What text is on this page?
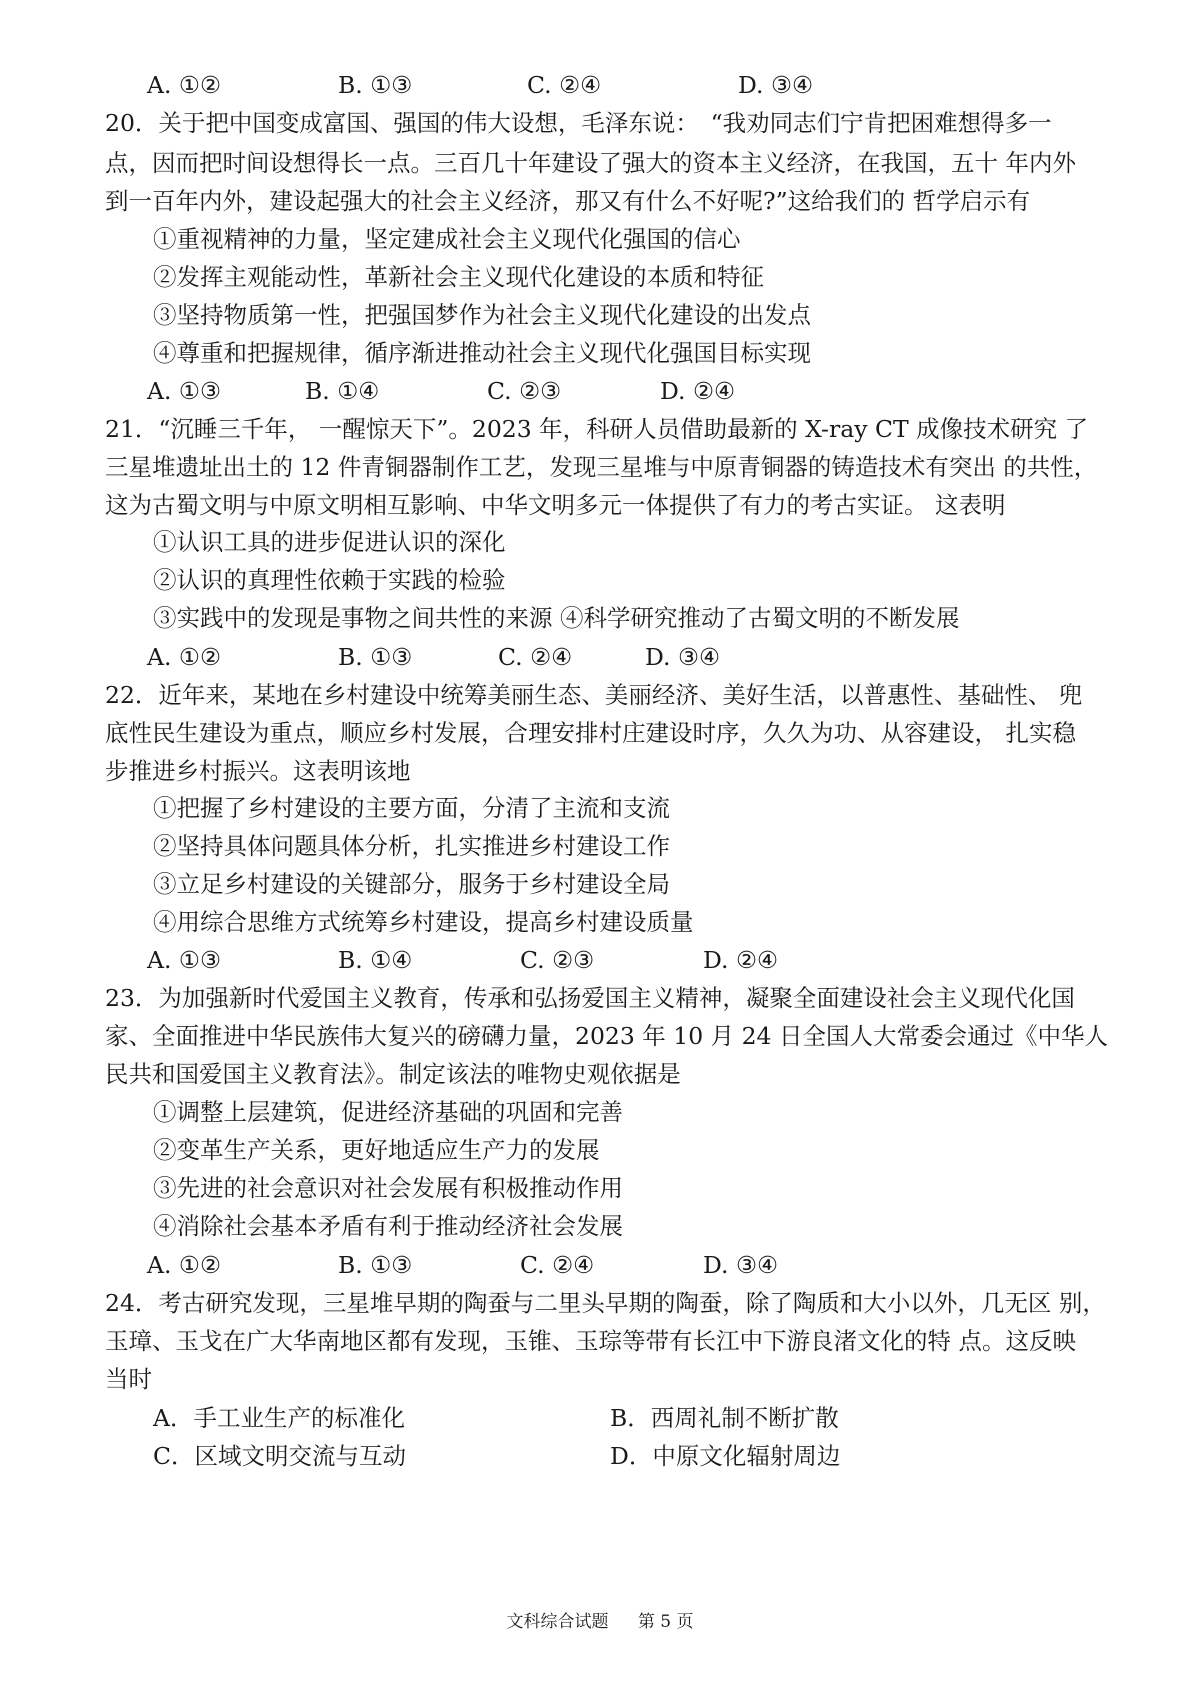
A. ①②	B. ①③	C. ②④	D. ③④
20．关于把中国变成富国、强国的伟大设想，毛泽东说：　“我劝同志们宁肯把困难想得多一
点，因而把时间设想得长一点。三百几十年建设了强大的资本主义经济，在我国，五十 年内外
到一百年内外，建设起强大的社会主义经济，那又有什么不好呢?”这给我们的 哲学启示有
①重视精神的力量，坚定建成社会主义现代化强国的信心
②发挥主观能动性，革新社会主义现代化建设的本质和特征
③坚持物质第一性，把强国梦作为社会主义现代化建设的出发点
④尊重和把握规律，循序渐进推动社会主义现代化强国目标实现
A. ①③	B. ①④	C. ②③	D. ②④
21．“沉睡三千年， 一醒惊天下”。2023 年，科研人员借助最新的 X-ray CT 成像技术研究 了
三星堆遗址出土的 12 件青铜器制作工艺，发现三星堆与中原青铜器的铸造技术有突出 的共性，
这为古蜀文明与中原文明相互影响、中华文明多元一体提供了有力的考古实证。 这表明
①认识工具的进步促进认识的深化
②认识的真理性依赖于实践的检验
③实践中的发现是事物之间共性的来源 ④科学研究推动了古蜀文明的不断发展
A. ①②	B. ①③	C. ②④	D. ③④
22．近年来，某地在乡村建设中统筹美丽生态、美丽经济、美好生活，以普惠性、基础性、 兜
底性民生建设为重点，顺应乡村发展，合理安排村庄建设时序，久久为功、从容建设， 扎实稳
步推进乡村振兴。这表明该地
①把握了乡村建设的主要方面，分清了主流和支流
②坚持具体问题具体分析，扎实推进乡村建设工作
③立足乡村建设的关键部分，服务于乡村建设全局
④用综合思维方式统筹乡村建设，提高乡村建设质量
A. ①③	B. ①④	C. ②③	D. ②④
23．为加强新时代爱国主义教育，传承和弘扬爱国主义精神，凝聚全面建设社会主义现代化国
家、全面推进中华民族伟大复兴的磅礴力量，2023 年 10 月 24 日全国人大常委会通过《中华人
民共和国爱国主义教育法》。制定该法的唯物史观依据是
①调整上层建筑，促进经济基础的巩固和完善
②变革生产关系，更好地适应生产力的发展
③先进的社会意识对社会发展有积极推动作用
④消除社会基本矛盾有利于推动经济社会发展
A. ①②	B. ①③	C. ②④	D. ③④
24．考古研究发现，三星堆早期的陶蚕与二里头早期的陶蚕，除了陶质和大小以外，几无区 别，
玉璋、玉戈在广大华南地区都有发现，玉锥、玉琮等带有长江中下游良渚文化的特 点。这反映
当时
A．手工业生产的标准化	B．西周礼制不断扩散
C．区域文明交流与互动	D．中原文化辐射周边
文科综合试题 第 5 页
